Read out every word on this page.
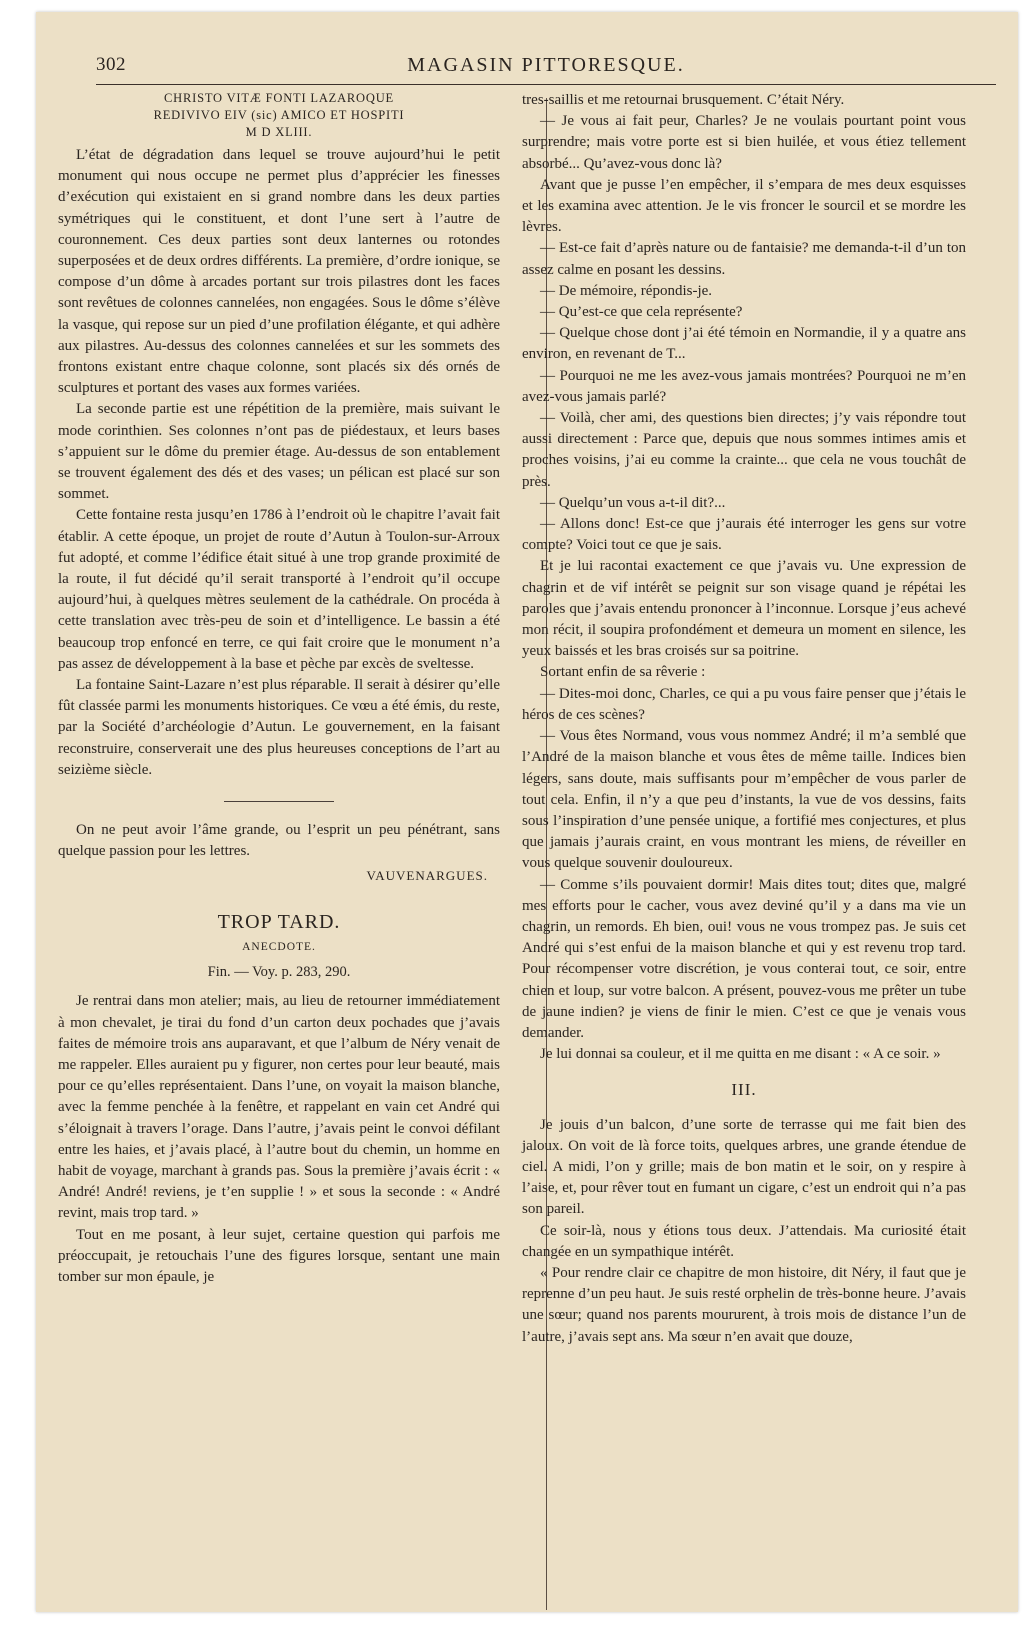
302	MAGASIN PITTORESQUE.
CHRISTO VITÆ FONTI LAZAROQUE
REDIVIVO EIV (sic) AMICO ET HOSPITI
M D XLIII.

L’état de dégradation dans lequel se trouve aujourd’hui le petit monument qui nous occupe ne permet plus d’apprécier les finesses d’exécution qui existaient en si grand nombre dans les deux parties symétriques qui le constituent, et dont l’une sert à l’autre de couronnement. Ces deux parties sont deux lanternes ou rotondes superposées et de deux ordres différents. La première, d’ordre ionique, se compose d’un dôme à arcades portant sur trois pilastres dont les faces sont revêtues de colonnes cannelées, non engagées. Sous le dôme s’élève la vasque, qui repose sur un pied d’une profilation élégante, et qui adhère aux pilastres. Au-dessus des colonnes cannelées et sur les sommets des frontons existant entre chaque colonne, sont placés six dés ornés de sculptures et portant des vases aux formes variées.

La seconde partie est une répétition de la première, mais suivant le mode corinthien. Ses colonnes n’ont pas de piédestaux, et leurs bases s’appuient sur le dôme du premier étage. Au-dessus de son entablement se trouvent également des dés et des vases; un pélican est placé sur son sommet.

Cette fontaine resta jusqu’en 1786 à l’endroit où le chapitre l’avait fait établir. A cette époque, un projet de route d’Autun à Toulon-sur-Arroux fut adopté, et comme l’édifice était situé à une trop grande proximité de la route, il fut décidé qu’il serait transporté à l’endroit qu’il occupe aujourd’hui, à quelques mètres seulement de la cathédrale. On procéda à cette translation avec très-peu de soin et d’intelligence. Le bassin a été beaucoup trop enfoncé en terre, ce qui fait croire que le monument n’a pas assez de développement à la base et pèche par excès de sveltesse.

La fontaine Saint-Lazare n’est plus réparable. Il serait à désirer qu’elle fût classée parmi les monuments historiques. Ce vœu a été émis, du reste, par la Société d’archéologie d’Autun. Le gouvernement, en la faisant reconstruire, conserverait une des plus heureuses conceptions de l’art au seizième siècle.

On ne peut avoir l’âme grande, ou l’esprit un peu pénétrant, sans quelque passion pour les lettres.

VAUVENARGUES.
TROP TARD.
ANECDOTE.
Fin. — Voy. p. 283, 290.

Je rentrai dans mon atelier; mais, au lieu de retourner immédiatement à mon chevalet, je tirai du fond d’un carton deux pochades que j’avais faites de mémoire trois ans auparavant, et que l’album de Néry venait de me rappeler. Elles auraient pu y figurer, non certes pour leur beauté, mais pour ce qu’elles représentaient. Dans l’une, on voyait la maison blanche, avec la femme penchée à la fenêtre, et rappelant en vain cet André qui s’éloignait à travers l’orage. Dans l’autre, j’avais peint le convoi défilant entre les haies, et j’avais placé, à l’autre bout du chemin, un homme en habit de voyage, marchant à grands pas. Sous la première j’avais écrit : « André! André! reviens, je t’en supplie ! » et sous la seconde : « André revint, mais trop tard. »

Tout en me posant, à leur sujet, certaine question qui parfois me préoccupait, je retouchais l’une des figures lorsque, sentant une main tomber sur mon épaule, je

tres-saillis et me retournai brusquement. C’était Néry.

— Je vous ai fait peur, Charles? Je ne voulais pourtant point vous surprendre; mais votre porte est si bien huilée, et vous étiez tellement absorbé... Qu’avez-vous donc là?

Avant que je pusse l’en empêcher, il s’empara de mes deux esquisses et les examina avec attention. Je le vis froncer le sourcil et se mordre les lèvres.

— Est-ce fait d’après nature ou de fantaisie? me demanda-t-il d’un ton assez calme en posant les dessins.

— De mémoire, répondis-je.

— Qu’est-ce que cela représente?

— Quelque chose dont j’ai été témoin en Normandie, il y a quatre ans environ, en revenant de T...

— Pourquoi ne me les avez-vous jamais montrées? Pourquoi ne m’en avez-vous jamais parlé?

— Voilà, cher ami, des questions bien directes; j’y vais répondre tout aussi directement : Parce que, depuis que nous sommes intimes amis et proches voisins, j’ai eu comme la crainte... que cela ne vous touchât de près.

— Quelqu’un vous a-t-il dit?...

— Allons donc! Est-ce que j’aurais été interroger les gens sur votre compte? Voici tout ce que je sais.

Et je lui racontai exactement ce que j’avais vu. Une expression de chagrin et de vif intérêt se peignit sur son visage quand je répétai les paroles que j’avais entendu prononcer à l’inconnue. Lorsque j’eus achevé mon récit, il soupira profondément et demeura un moment en silence, les yeux baissés et les bras croisés sur sa poitrine.

Sortant enfin de sa rêverie :

— Dites-moi donc, Charles, ce qui a pu vous faire penser que j’étais le héros de ces scènes?

— Vous êtes Normand, vous vous nommez André; il m’a semblé que l’André de la maison blanche et vous êtes de même taille. Indices bien légers, sans doute, mais suffisants pour m’empêcher de vous parler de tout cela. Enfin, il n’y a que peu d’instants, la vue de vos dessins, faits sous l’inspiration d’une pensée unique, a fortifié mes conjectures, et plus que jamais j’aurais craint, en vous montrant les miens, de réveiller en vous quelque souvenir douloureux.

— Comme s’ils pouvaient dormir! Mais dites tout; dites que, malgré mes efforts pour le cacher, vous avez deviné qu’il y a dans ma vie un chagrin, un remords. Eh bien, oui! vous ne vous trompez pas. Je suis cet André qui s’est enfui de la maison blanche et qui y est revenu trop tard. Pour récompenser votre discrétion, je vous conterai tout, ce soir, entre chien et loup, sur votre balcon. A présent, pouvez-vous me prêter un tube de jaune indien? je viens de finir le mien. C’est ce que je venais vous demander.

Je lui donnai sa couleur, et il me quitta en me disant : « A ce soir. »

III.

Je jouis d’un balcon, d’une sorte de terrasse qui me fait bien des jaloux. On voit de là force toits, quelques arbres, une grande étendue de ciel. A midi, l’on y grille; mais de bon matin et le soir, on y respire à l’aise, et, pour rêver tout en fumant un cigare, c’est un endroit qui n’a pas son pareil.

Ce soir-là, nous y étions tous deux. J’attendais. Ma curiosité était changée en un sympathique intérêt.

« Pour rendre clair ce chapitre de mon histoire, dit Néry, il faut que je reprenne d’un peu haut. Je suis resté orphelin de très-bonne heure. J’avais une sœur; quand nos parents moururent, à trois mois de distance l’un de l’autre, j’avais sept ans. Ma sœur n’en avait que douze,
